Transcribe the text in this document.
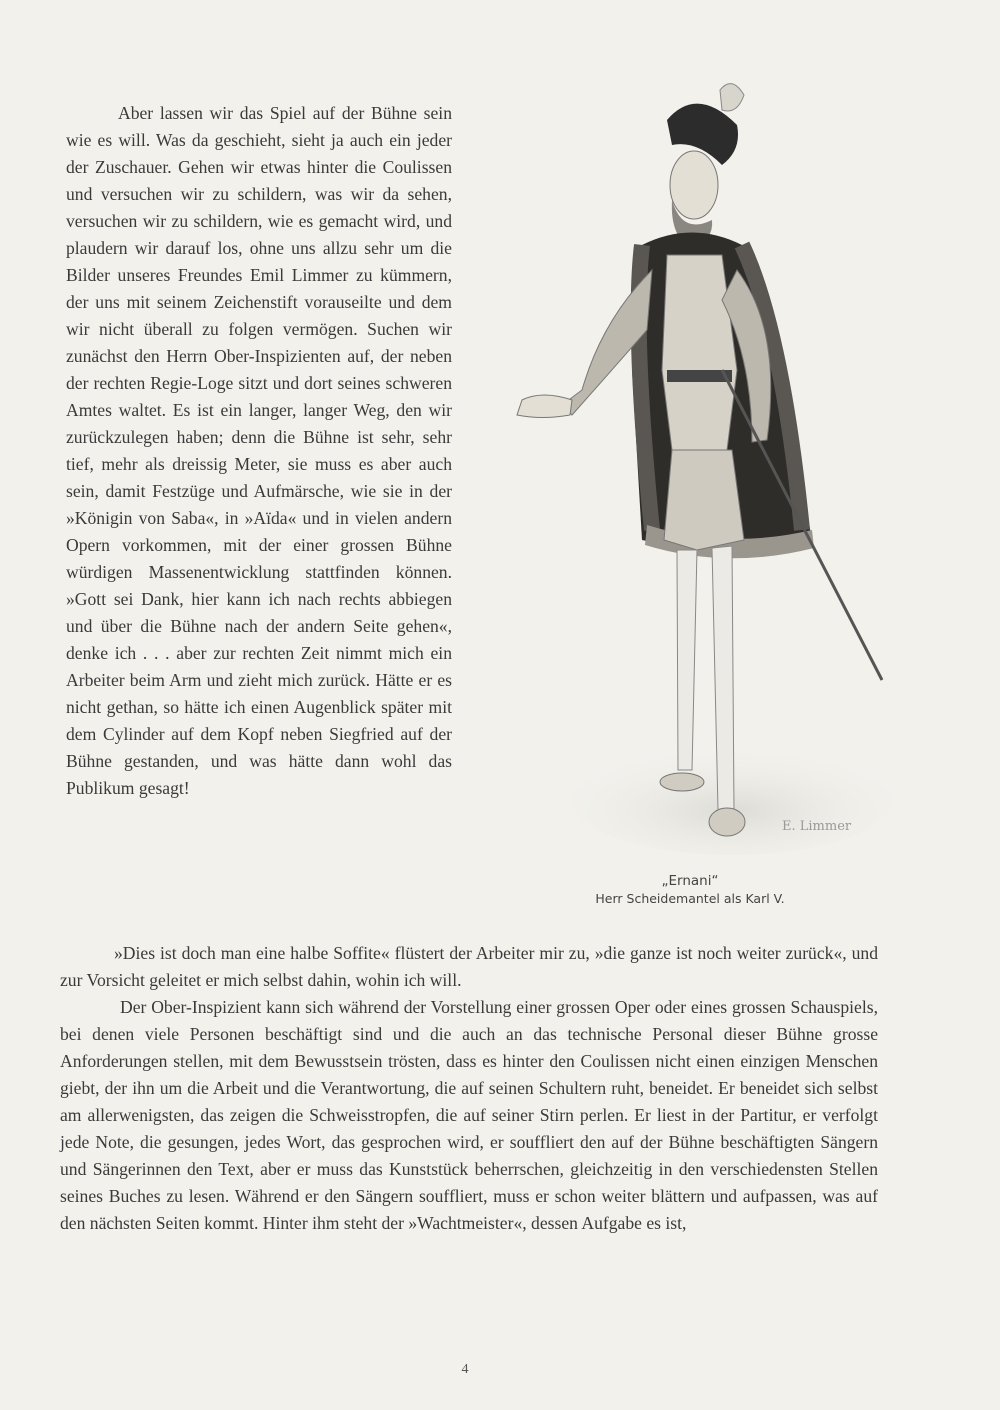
Aber lassen wir das Spiel auf der Bühne sein wie es will. Was da geschieht, sieht ja auch ein jeder der Zuschauer. Gehen wir etwas hinter die Coulissen und versuchen wir zu schildern, was wir da sehen, versuchen wir zu schildern, wie es gemacht wird, und plaudern wir darauf los, ohne uns allzu sehr um die Bilder unseres Freundes Emil Limmer zu kümmern, der uns mit seinem Zeichenstift vorauseilte und dem wir nicht überall zu folgen vermögen. Suchen wir zunächst den Herrn Ober-Inspizienten auf, der neben der rechten Regie-Loge sitzt und dort seines schweren Amtes waltet. Es ist ein langer, langer Weg, den wir zurückzulegen haben; denn die Bühne ist sehr, sehr tief, mehr als dreissig Meter, sie muss es aber auch sein, damit Festzüge und Aufmärsche, wie sie in der »Königin von Saba«, in »Aïda« und in vielen andern Opern vorkommen, mit der einer grossen Bühne würdigen Massenentwicklung stattfinden können. »Gott sei Dank, hier kann ich nach rechts abbiegen und über die Bühne nach der andern Seite gehen«, denke ich . . . aber zur rechten Zeit nimmt mich ein Arbeiter beim Arm und zieht mich zurück. Hätte er es nicht gethan, so hätte ich einen Augenblick später mit dem Cylinder auf dem Kopf neben Siegfried auf der Bühne gestanden, und was hätte dann wohl das Publikum gesagt!

E. Limmer
„Ernani“
Herr Scheidemantel als Karl V.

»Dies ist doch man eine halbe Soffite« flüstert der Arbeiter mir zu, »die ganze ist noch weiter zurück«, und zur Vorsicht geleitet er mich selbst dahin, wohin ich will.

Der Ober-Inspizient kann sich während der Vorstellung einer grossen Oper oder eines grossen Schauspiels, bei denen viele Personen beschäftigt sind und die auch an das technische Personal dieser Bühne grosse Anforderungen stellen, mit dem Bewusstsein trösten, dass es hinter den Coulissen nicht einen einzigen Menschen giebt, der ihn um die Arbeit und die Verantwortung, die auf seinen Schultern ruht, beneidet. Er beneidet sich selbst am allerwenigsten, das zeigen die Schweisstropfen, die auf seiner Stirn perlen. Er liest in der Partitur, er verfolgt jede Note, die gesungen, jedes Wort, das gesprochen wird, er souffliert den auf der Bühne beschäftigten Sängern und Sängerinnen den Text, aber er muss das Kunststück beherrschen, gleichzeitig in den verschiedensten Stellen seines Buches zu lesen. Während er den Sängern souffliert, muss er schon weiter blättern und aufpassen, was auf den nächsten Seiten kommt. Hinter ihm steht der »Wachtmeister«, dessen Aufgabe es ist,

4
